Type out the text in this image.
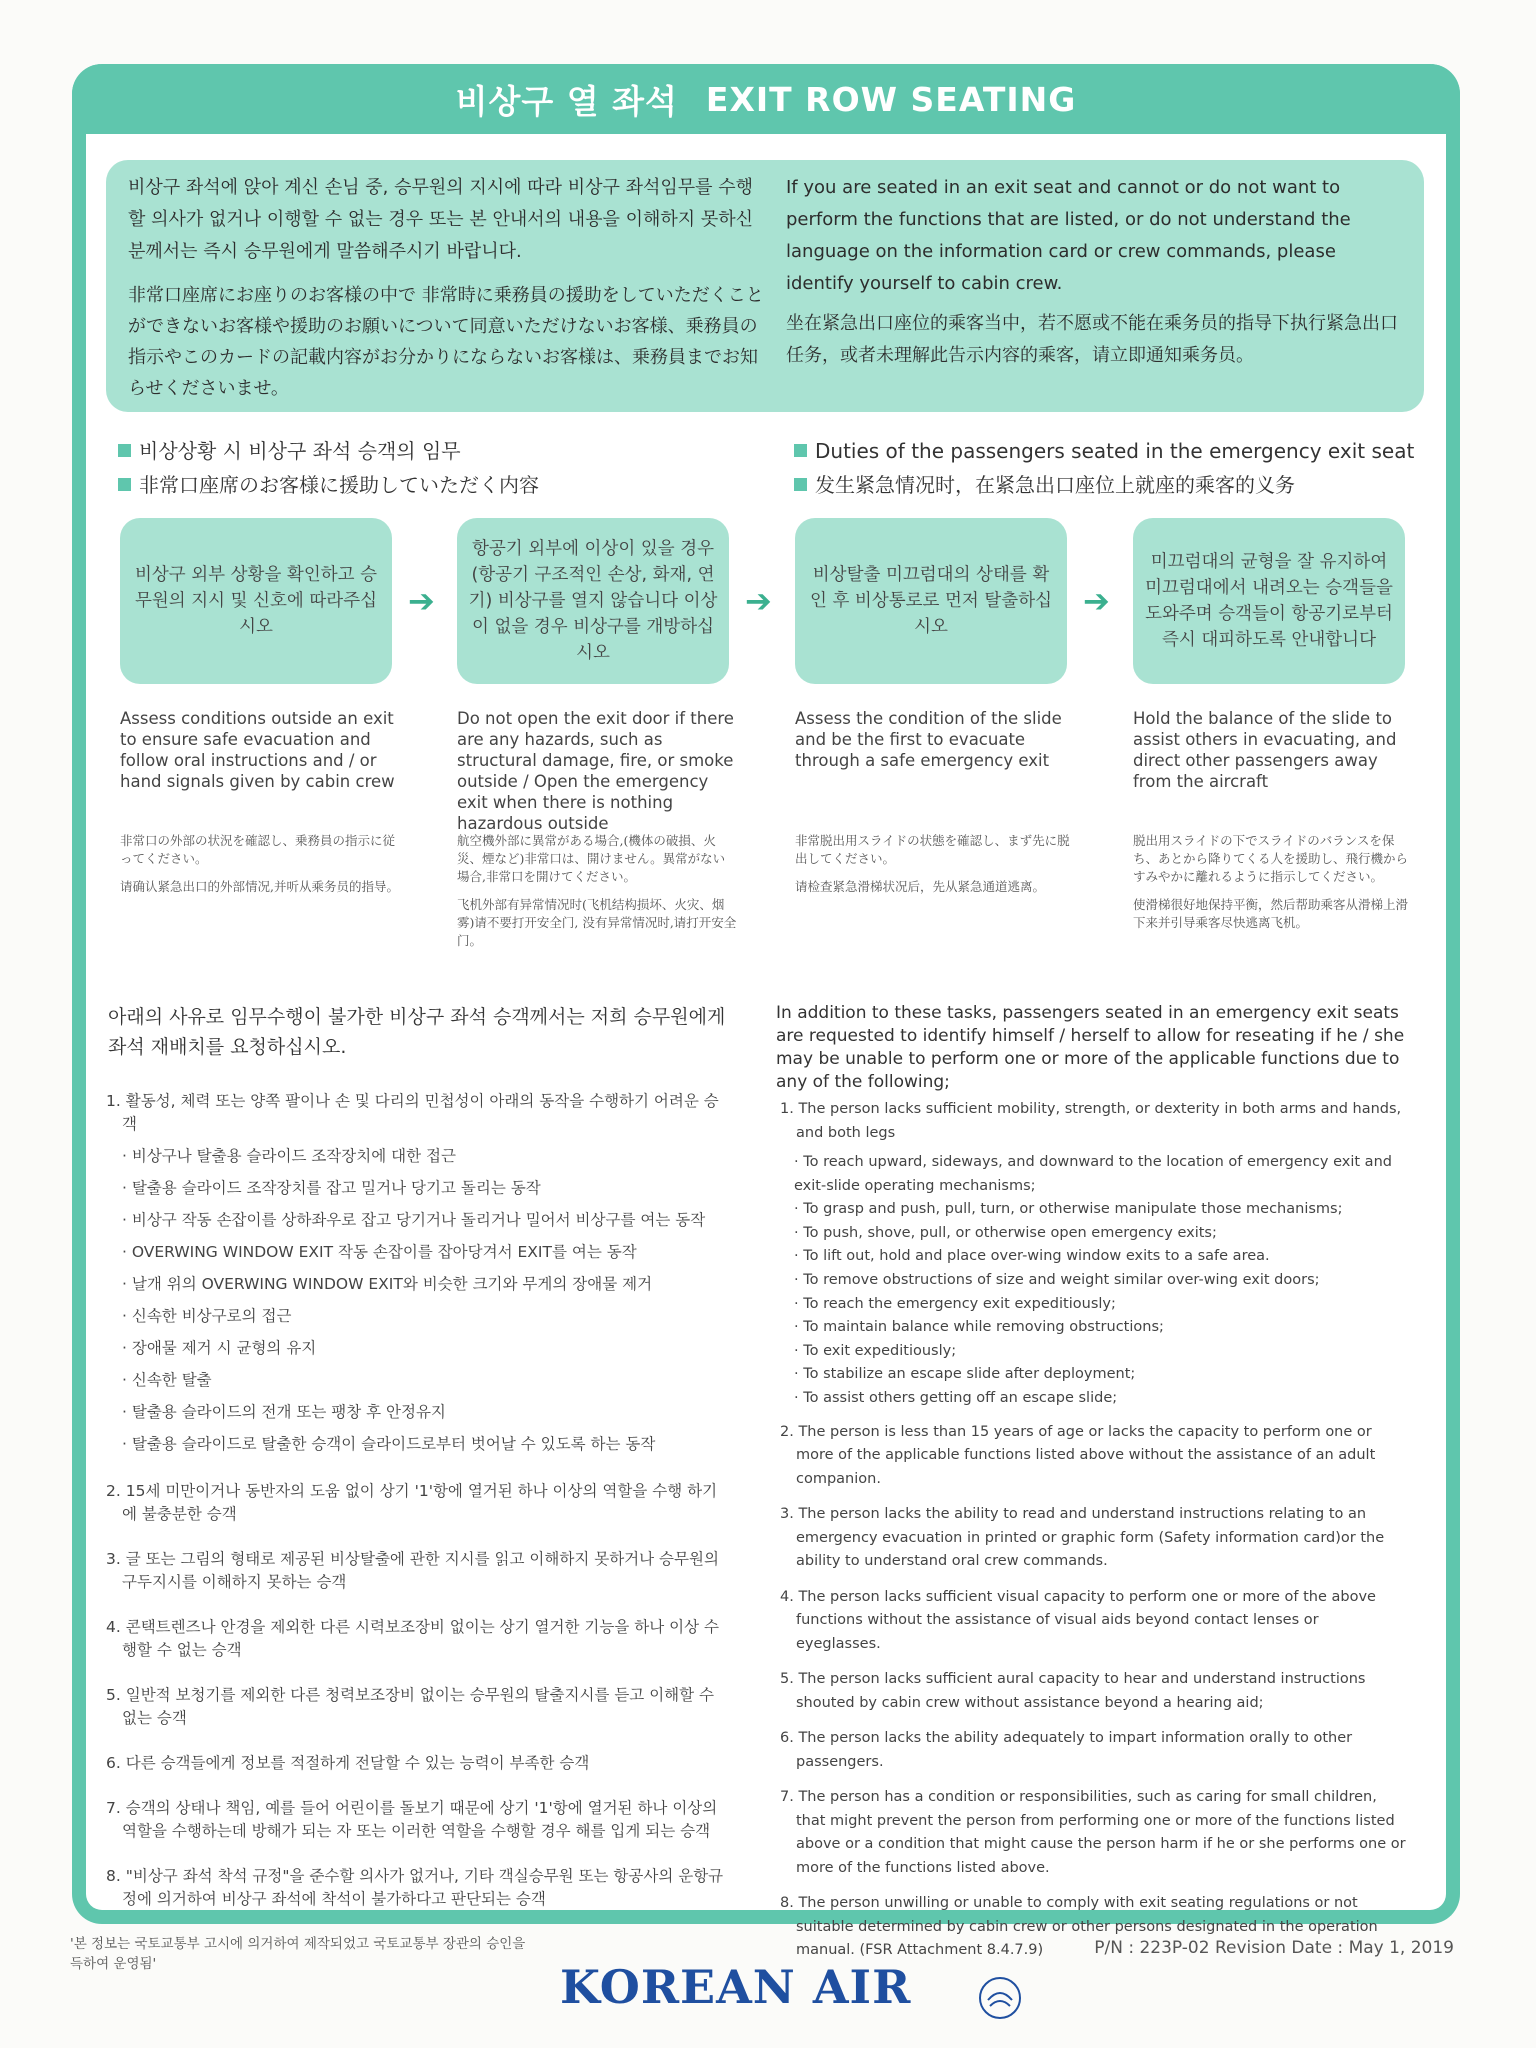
비상구 열 좌석 EXIT ROW SEATING
비상구 좌석에 앉아 계신 손님 중, 승무원의 지시에 따라 비상구 좌석임무를 수행할 의사가 없거나 이행할 수 없는 경우 또는 본 안내서의 내용을 이해하지 못하신 분께서는 즉시 승무원에게 말씀해주시기 바랍니다.
非常口座席にお座りのお客様の中で 非常時に乗務員の援助をしていただくことができないお客様や援助のお願いについて同意いただけないお客様、乗務員の指示やこのカードの記載内容がお分かりにならないお客様は、乗務員までお知らせくださいませ。
If you are seated in an exit seat and cannot or do not want to perform the functions that are listed, or do not understand the language on the information card or crew commands, please identify yourself to cabin crew.
坐在紧急出口座位的乘客当中，若不愿或不能在乘务员的指导下执行紧急出口任务，或者未理解此告示内容的乘客，请立即通知乘务员。
비상상황 시 비상구 좌석 승객의 임무
非常口座席のお客様に援助していただく内容
Duties of the passengers seated in the emergency exit seat
发生紧急情况时，在紧急出口座位上就座的乘客的义务
비상구 외부 상황을 확인하고 승무원의 지시 및 신호에 따라주십시오
항공기 외부에 이상이 있을 경우 (항공기 구조적인 손상, 화재, 연기) 비상구를 열지 않습니다 이상이 없을 경우 비상구를 개방하십시오
비상탈출 미끄럼대의 상태를 확인 후 비상통로로 먼저 탈출하십시오
미끄럼대의 균형을 잘 유지하여 미끄럼대에서 내려오는 승객들을 도와주며 승객들이 항공기로부터 즉시 대피하도록 안내합니다
➔	➔	➔
Assess conditions outside an exit to ensure safe evacuation and follow oral instructions and / or hand signals given by cabin crew
Do not open the exit door if there are any hazards, such as structural damage, fire, or smoke outside / Open the emergency exit when there is nothing hazardous outside
Assess the condition of the slide and be the first to evacuate through a safe emergency exit
Hold the balance of the slide to assist others in evacuating, and direct other passengers away from the aircraft
非常口の外部の状況を確認し、乗務員の指示に従ってください。
请确认紧急出口的外部情况,并听从乘务员的指导。
航空機外部に異常がある場合,(機体の破損、火災、煙など)非常口は、開けません。異常がない場合,非常口を開けてください。
飞机外部有异常情况时(飞机结构损坏、火灾、烟雾)请不要打开安全门, 没有异常情况时,请打开安全门。
非常脱出用スライドの状態を確認し、まず先に脱出してください。
请检查紧急滑梯状况后，先从紧急通道逃离。
脱出用スライドの下でスライドのバランスを保ち、あとから降りてくる人を援助し、飛行機からすみやかに離れるように指示してください。
使滑梯很好地保持平衡，然后帮助乘客从滑梯上滑下来并引导乘客尽快逃离飞机。
아래의 사유로 임무수행이 불가한 비상구 좌석 승객께서는 저희 승무원에게 좌석 재배치를 요청하십시오.
In addition to these tasks, passengers seated in an emergency exit seats are requested to identify himself / herself to allow for reseating if he / she may be unable to perform one or more of the applicable functions due to any of the following;
1. 활동성, 체력 또는 양쪽 팔이나 손 및 다리의 민첩성이 아래의 동작을 수행하기 어려운 승객
· 비상구나 탈출용 슬라이드 조작장치에 대한 접근
· 탈출용 슬라이드 조작장치를 잡고 밀거나 당기고 돌리는 동작
· 비상구 작동 손잡이를 상하좌우로 잡고 당기거나 돌리거나 밀어서 비상구를 여는 동작
· OVERWING WINDOW EXIT 작동 손잡이를 잡아당겨서 EXIT를 여는 동작
· 날개 위의 OVERWING WINDOW EXIT와 비슷한 크기와 무게의 장애물 제거
· 신속한 비상구로의 접근
· 장애물 제거 시 균형의 유지
· 신속한 탈출
· 탈출용 슬라이드의 전개 또는 팽창 후 안정유지
· 탈출용 슬라이드로 탈출한 승객이 슬라이드로부터 벗어날 수 있도록 하는 동작
2. 15세 미만이거나 동반자의 도움 없이 상기 '1'항에 열거된 하나 이상의 역할을 수행 하기에 불충분한 승객
3. 글 또는 그림의 형태로 제공된 비상탈출에 관한 지시를 읽고 이해하지 못하거나 승무원의 구두지시를 이해하지 못하는 승객
4. 콘택트렌즈나 안경을 제외한 다른 시력보조장비 없이는 상기 열거한 기능을 하나 이상 수행할 수 없는 승객
5. 일반적 보청기를 제외한 다른 청력보조장비 없이는 승무원의 탈출지시를 듣고 이해할 수 없는 승객
6. 다른 승객들에게 정보를 적절하게 전달할 수 있는 능력이 부족한 승객
7. 승객의 상태나 책임, 예를 들어 어린이를 돌보기 때문에 상기 '1'항에 열거된 하나 이상의 역할을 수행하는데 방해가 되는 자 또는 이러한 역할을 수행할 경우 해를 입게 되는 승객
8. "비상구 좌석 착석 규정"을 준수할 의사가 없거나, 기타 객실승무원 또는 항공사의 운항규정에 의거하여 비상구 좌석에 착석이 불가하다고 판단되는 승객
1. The person lacks sufficient mobility, strength, or dexterity in both arms and hands, and both legs
· To reach upward, sideways, and downward to the location of emergency exit and exit-slide operating mechanisms;
· To grasp and push, pull, turn, or otherwise manipulate those mechanisms;
· To push, shove, pull, or otherwise open emergency exits;
· To lift out, hold and place over-wing window exits to a safe area.
· To remove obstructions of size and weight similar over-wing exit doors;
· To reach the emergency exit expeditiously;
· To maintain balance while removing obstructions;
· To exit expeditiously;
· To stabilize an escape slide after deployment;
· To assist others getting off an escape slide;
2. The person is less than 15 years of age or lacks the capacity to perform one or more of the applicable functions listed above without the assistance of an adult companion.
3. The person lacks the ability to read and understand instructions relating to an emergency evacuation in printed or graphic form (Safety information card)or the ability to understand oral crew commands.
4. The person lacks sufficient visual capacity to perform one or more of the above functions without the assistance of visual aids beyond contact lenses or eyeglasses.
5. The person lacks sufficient aural capacity to hear and understand instructions shouted by cabin crew without assistance beyond a hearing aid;
6. The person lacks the ability adequately to impart information orally to other passengers.
7. The person has a condition or responsibilities, such as caring for small children, that might prevent the person from performing one or more of the functions listed above or a condition that might cause the person harm if he or she performs one or more of the functions listed above.
8. The person unwilling or unable to comply with exit seating regulations or not suitable determined by cabin crew or other persons designated in the operation manual. (FSR Attachment 8.4.7.9)
'본 정보는 국토교통부 고시에 의거하여 제작되었고 국토교통부 장관의 승인을 득하여 운영됨'
P/N : 223P-02 Revision Date : May 1, 2019
KOREAN AIR
